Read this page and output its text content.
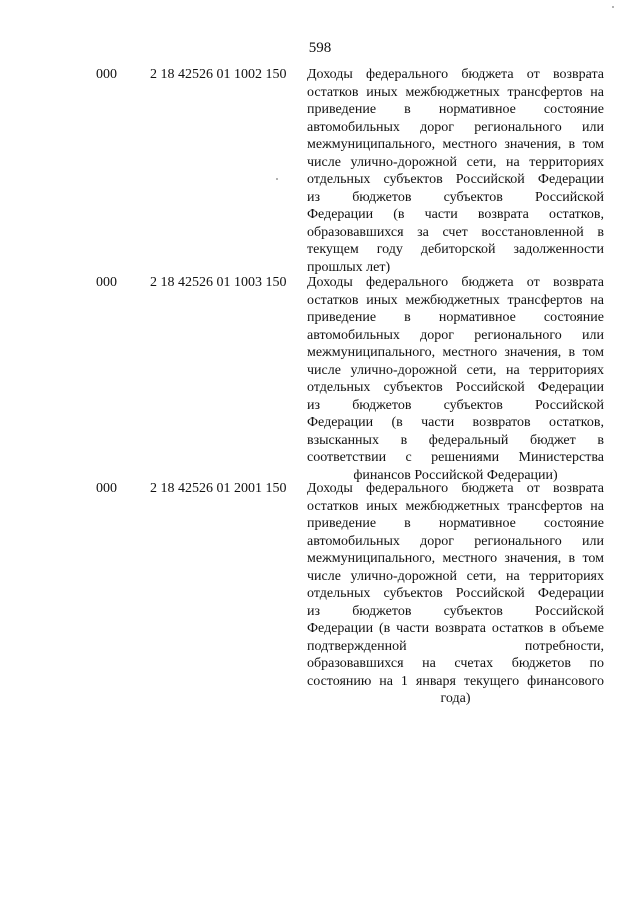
598
000 2 18 42526 01 1002 150 Доходы федерального бюджета от возврата
остатков иных межбюджетных трансфертов на
приведение в нормативное состояние
автомобильных дорог регионального или
межмуниципального, местного значения, в том
числе улично-дорожной сети, на территориях
отдельных субъектов Российской Федерации
из бюджетов субъектов Российской
Федерации (в части возврата остатков,
образовавшихся за счет восстановленной в
текущем году дебиторской задолженности
прошлых лет)
000 2 18 42526 01 1003 150 Доходы федерального бюджета от возврата
остатков иных межбюджетных трансфертов на
приведение в нормативное состояние
автомобильных дорог регионального или
межмуниципального, местного значения, в том
числе улично-дорожной сети, на территориях
отдельных субъектов Российской Федерации
из бюджетов субъектов Российской
Федерации (в части возвратов остатков,
взысканных в федеральный бюджет в
соответствии с решениями Министерства
финансов Российской Федерации)
000 2 18 42526 01 2001 150 Доходы федерального бюджета от возврата
остатков иных межбюджетных трансфертов на
приведение в нормативное состояние
автомобильных дорог регионального или
межмуниципального, местного значения, в том
числе улично-дорожной сети, на территориях
отдельных субъектов Российской Федерации
из бюджетов субъектов Российской
Федерации (в части возврата остатков в объеме
подтвержденной потребности,
образовавшихся на счетах бюджетов по
состоянию на 1 января текущего финансового
года)
